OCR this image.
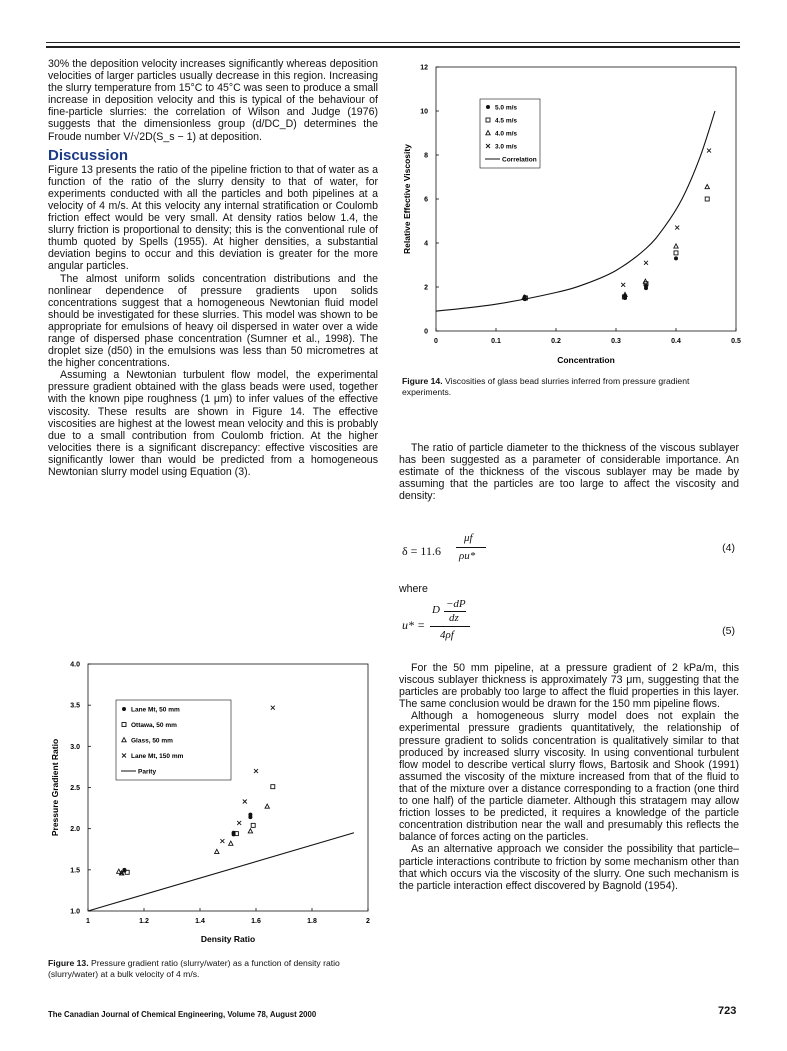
30% the deposition velocity increases significantly whereas deposition velocities of larger particles usually decrease in this region. Increasing the slurry temperature from 15°C to 45°C was seen to produce a small increase in deposition velocity and this is typical of the behaviour of fine-particle slurries: the correlation of Wilson and Judge (1976) suggests that the dimensionless group (d/DC_D) determines the Froude number V/√2D(S_s − 1) at deposition.

Discussion

Figure 13 presents the ratio of the pipeline friction to that of water as a function of the ratio of the slurry density to that of water, for experiments conducted with all the particles and both pipelines at a velocity of 4 m/s. At this velocity any internal stratification or Coulomb friction effect would be very small. At density ratios below 1.4, the slurry friction is proportional to density; this is the conventional rule of thumb quoted by Spells (1955). At higher densities, a substantial deviation begins to occur and this deviation is greater for the more angular particles.

The almost uniform solids concentration distributions and the nonlinear dependence of pressure gradients upon solids concentrations suggest that a homogeneous Newtonian fluid model should be investigated for these slurries. This model was shown to be appropriate for emulsions of heavy oil dispersed in water over a wide range of dispersed phase concentration (Sumner et al., 1998). The droplet size (d50) in the emulsions was less than 50 micrometres at the higher concentrations.

Assuming a Newtonian turbulent flow model, the experimental pressure gradient obtained with the glass beads were used, together with the known pipe roughness (1 μm) to infer values of the effective viscosity. These results are shown in Figure 14. The effective viscosities are highest at the lowest mean velocity and this is probably due to a small contribution from Coulomb friction. At the higher velocities there is a significant discrepancy: effective viscosities are significantly lower than would be predicted from a homogeneous Newtonian slurry model using Equation (3).

1	1.2	1.4	1.6	1.8	2
1.0
1.5
2.0
2.5
3.0
3.5
4.0
Density Ratio
Pressure Gradient Ratio
Lane Mt, 50 mm
Ottawa, 50 mm
Glass, 50 mm
Lane Mt, 150 mm
Parity
Figure 13. Pressure gradient ratio (slurry/water) as a function of density ratio (slurry/water) at a bulk velocity of 4 m/s.
0	0.1	0.2	0.3	0.4	0.5
0
2
4
6
8
10
12
Concentration
Relative Effective Viscosity
5.0 m/s
4.5 m/s
4.0 m/s
3.0 m/s
Correlation
Figure 14. Viscosities of glass bead slurries inferred from pressure gradient experiments.

The ratio of particle diameter to the thickness of the viscous sublayer has been suggested as a parameter of considerable importance. An estimate of the thickness of the viscous sublayer may be made by assuming that the particles are too large to affect the viscosity and density:

δ = 11.6
μf
ρu*
(4)

where

u* =
−dP
D
dz
4ρf	(5)

For the 50 mm pipeline, at a pressure gradient of 2 kPa/m, this viscous sublayer thickness is approximately 73 μm, suggesting that the particles are probably too large to affect the fluid properties in this layer. The same conclusion would be drawn for the 150 mm pipeline flows.

Although a homogeneous slurry model does not explain the experimental pressure gradients quantitatively, the relationship of pressure gradient to solids concentration is qualitatively similar to that produced by increased slurry viscosity. In using conventional turbulent flow model to describe vertical slurry flows, Bartosik and Shook (1991) assumed the viscosity of the mixture increased from that of the fluid to that of the mixture over a distance corresponding to a fraction (one third to one half) of the particle diameter. Although this stratagem may allow friction losses to be predicted, it requires a knowledge of the particle concentration distribution near the wall and presumably this reflects the balance of forces acting on the particles.

As an alternative approach we consider the possibility that particle–particle interactions contribute to friction by some mechanism other than that which occurs via the viscosity of the slurry. One such mechanism is the particle interaction effect discovered by Bagnold (1954).

The Canadian Journal of Chemical Engineering, Volume 78, August 2000	723
